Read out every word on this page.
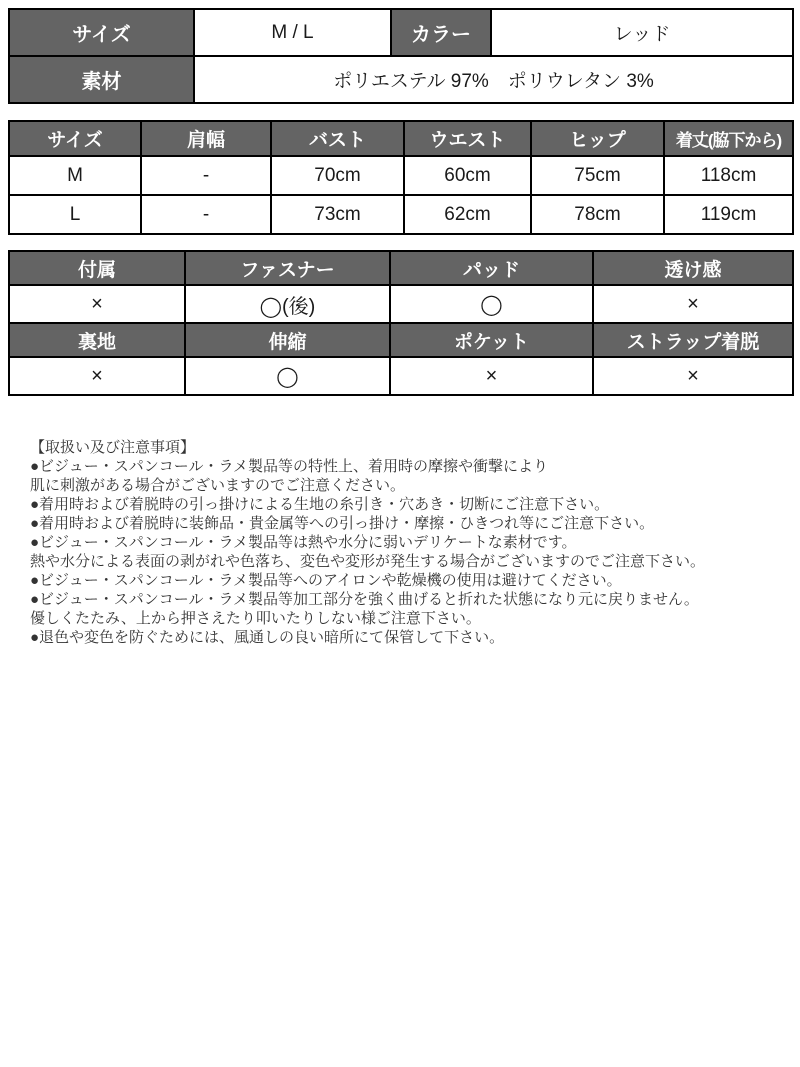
サイズ	M / L	カラー	レッド
素材	ポリエステル 97%　ポリウレタン 3%		
サイズ	肩幅	バスト	ウエスト	ヒップ	着丈(脇下から)
M	-	70cm	60cm	75cm	118cm
L	-	73cm	62cm	78cm	119cm
付属	ファスナー	パッド	透け感
×	◯(後)	◯	×
裏地	伸縮	ポケット	ストラップ着脱
×	◯	×	×
【取扱い及び注意事項】
●ビジュー・スパンコール・ラメ製品等の特性上、着用時の摩擦や衝撃により
肌に刺激がある場合がございますのでご注意ください。
●着用時および着脱時の引っ掛けによる生地の糸引き・穴あき・切断にご注意下さい。
●着用時および着脱時に装飾品・貴金属等への引っ掛け・摩擦・ひきつれ等にご注意下さい。
●ビジュー・スパンコール・ラメ製品等は熱や水分に弱いデリケートな素材です。
熱や水分による表面の剥がれや色落ち、変色や変形が発生する場合がございますのでご注意下さい。
●ビジュー・スパンコール・ラメ製品等へのアイロンや乾燥機の使用は避けてください。
●ビジュー・スパンコール・ラメ製品等加工部分を強く曲げると折れた状態になり元に戻りません。
優しくたたみ、上から押さえたり叩いたりしない様ご注意下さい。
●退色や変色を防ぐためには、風通しの良い暗所にて保管して下さい。
